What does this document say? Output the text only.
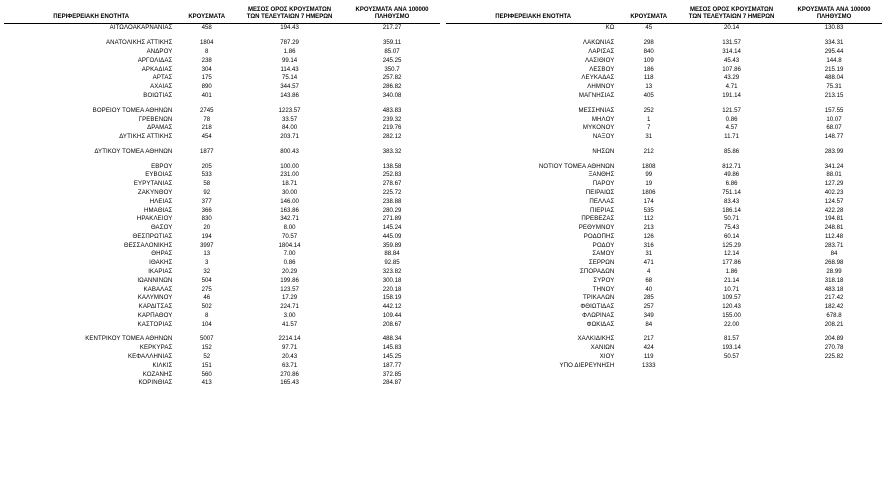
ΠΕΡΙΦΕΡΕΙΑΚΗ ΕΝΟΤΗΤΑ	ΚΡΟΥΣΜΑΤΑ	ΜΕΣΟΣ ΟΡΟΣ ΚΡΟΥΣΜΑΤΩΝ
ΤΩΝ ΤΕΛΕΥΤΑΙΩΝ 7 ΗΜΕΡΩΝ	ΚΡΟΥΣΜΑΤΑ ΑΝΑ 100000
ΠΛΗΘΥΣΜΟ

ΑΙΤΩΛΟΑΚΑΡΝΑΝΙΑΣ	458	194.43	217.27

ΑΝΑΤΟΛΙΚΗΣ ΑΤΤΙΚΗΣ	1804	787.29	359.11
ΑΝΔΡΟΥ	8	1.86	85.07
ΑΡΓΟΛΙΔΑΣ	238	99.14	245.25
ΑΡΚΑΔΙΑΣ	304	114.43	350.7
ΑΡΤΑΣ	175	75.14	257.82
ΑΧΑΪΑΣ	890	344.57	286.82
ΒΟΙΩΤΙΑΣ	401	143.86	340.08

ΒΟΡΕΙΟΥ ΤΟΜΕΑ ΑΘΗΝΩΝ	2745	1223.57	483.83
ΓΡΕΒΕΝΩΝ	78	33.57	239.32
ΔΡΑΜΑΣ	218	84.00	219.76
ΔΥΤΙΚΗΣ ΑΤΤΙΚΗΣ	454	203.71	282.12

ΔΥΤΙΚΟΥ ΤΟΜΕΑ ΑΘΗΝΩΝ	1877	800.43	383.32

ΕΒΡΟΥ	205	100.00	138.58
ΕΥΒΟΙΑΣ	533	231.00	252.83
ΕΥΡΥΤΑΝΙΑΣ	58	18.71	278.67
ΖΑΚΥΝΘΟΥ	92	30.00	225.72
ΗΛΕΙΑΣ	377	146.00	238.88
ΗΜΑΘΙΑΣ	366	163.86	280.29
ΗΡΑΚΛΕΙΟΥ	830	342.71	271.89
ΘΑΣΟΥ	20	8.00	145.24
ΘΕΣΠΡΩΤΙΑΣ	194	70.57	445.09
ΘΕΣΣΑΛΟΝΙΚΗΣ	3997	1804.14	359.89
ΘΗΡΑΣ	13	7.00	88.84
ΙΘΑΚΗΣ	3	0.86	92.85
ΙΚΑΡΙΑΣ	32	20.29	323.82
ΙΩΑΝΝΙΝΩΝ	504	199.86	300.18
ΚΑΒΑΛΑΣ	275	123.57	220.18
ΚΑΛΥΜΝΟΥ	46	17.29	158.19
ΚΑΡΔΙΤΣΑΣ	502	224.71	442.12
ΚΑΡΠΑΘΟΥ	8	3.00	109.44
ΚΑΣΤΟΡΙΑΣ	104	41.57	208.67

ΚΕΝΤΡΙΚΟΥ ΤΟΜΕΑ ΑΘΗΝΩΝ	5007	2214.14	488.34
ΚΕΡΚΥΡΑΣ	152	97.71	145.83
ΚΕΦΑΛΛΗΝΙΑΣ	52	20.43	145.25
ΚΙΛΚΙΣ	151	63.71	187.77
ΚΟΖΑΝΗΣ	560	270.86	372.85
ΚΟΡΙΝΘΙΑΣ	413	165.43	284.87
ΠΕΡΙΦΕΡΕΙΑΚΗ ΕΝΟΤΗΤΑ	ΚΡΟΥΣΜΑΤΑ	ΜΕΣΟΣ ΟΡΟΣ ΚΡΟΥΣΜΑΤΩΝ
ΤΩΝ ΤΕΛΕΥΤΑΙΩΝ 7 ΗΜΕΡΩΝ	ΚΡΟΥΣΜΑΤΑ ΑΝΑ 100000
ΠΛΗΘΥΣΜΟ

ΚΩ	45	20.14	130.83

ΛΑΚΩΝΙΑΣ	298	131.57	334.31
ΛΑΡΙΣΑΣ	840	314.14	295.44
ΛΑΣΙΘΙΟΥ	109	45.43	144.8
ΛΕΣΒΟΥ	186	107.86	215.19
ΛΕΥΚΑΔΑΣ	118	43.29	488.04
ΛΗΜΝΟΥ	13	4.71	75.31
ΜΑΓΝΗΣΙΑΣ	405	191.14	213.15

ΜΕΣΣΗΝΙΑΣ	252	121.57	157.55
ΜΗΛΟΥ	1	0.86	10.07
ΜΥΚΟΝΟΥ	7	4.57	68.07
ΝΑΞΟΥ	31	11.71	148.77

ΝΗΣΩΝ	212	85.86	283.99

ΝΟΤΙΟΥ ΤΟΜΕΑ ΑΘΗΝΩΝ	1808	812.71	341.24
ΞΑΝΘΗΣ	99	49.86	88.01
ΠΑΡΟΥ	19	6.86	127.29
ΠΕΙΡΑΙΩΣ	1806	751.14	402.23
ΠΕΛΛΑΣ	174	83.43	124.57
ΠΙΕΡΙΑΣ	535	186.14	422.28
ΠΡΕΒΕΖΑΣ	112	50.71	194.81
ΡΕΘΥΜΝΟΥ	213	75.43	248.81
ΡΟΔΟΠΗΣ	126	60.14	112.48
ΡΟΔΟΥ	316	125.29	283.71
ΣΑΜΟΥ	31	12.14	84
ΣΕΡΡΩΝ	471	177.86	268.98
ΣΠΟΡΑΔΩΝ	4	1.86	28.99
ΣΥΡΟΥ	68	21.14	318.18
ΤΗΝΟΥ	40	10.71	483.18
ΤΡΙΚΑΛΩΝ	285	109.57	217.42
ΦΘΙΩΤΙΔΑΣ	257	120.43	182.42
ΦΛΩΡΙΝΑΣ	349	155.00	678.8
ΦΩΚΙΔΑΣ	84	22.00	208.21

ΧΑΛΚΙΔΙΚΗΣ	217	81.57	204.89
ΧΑΝΙΩΝ	424	193.14	270.78
ΧΙΟΥ	119	50.57	225.82
ΥΠΟ ΔΙΕΡΕΥΝΗΣΗ	1333		
